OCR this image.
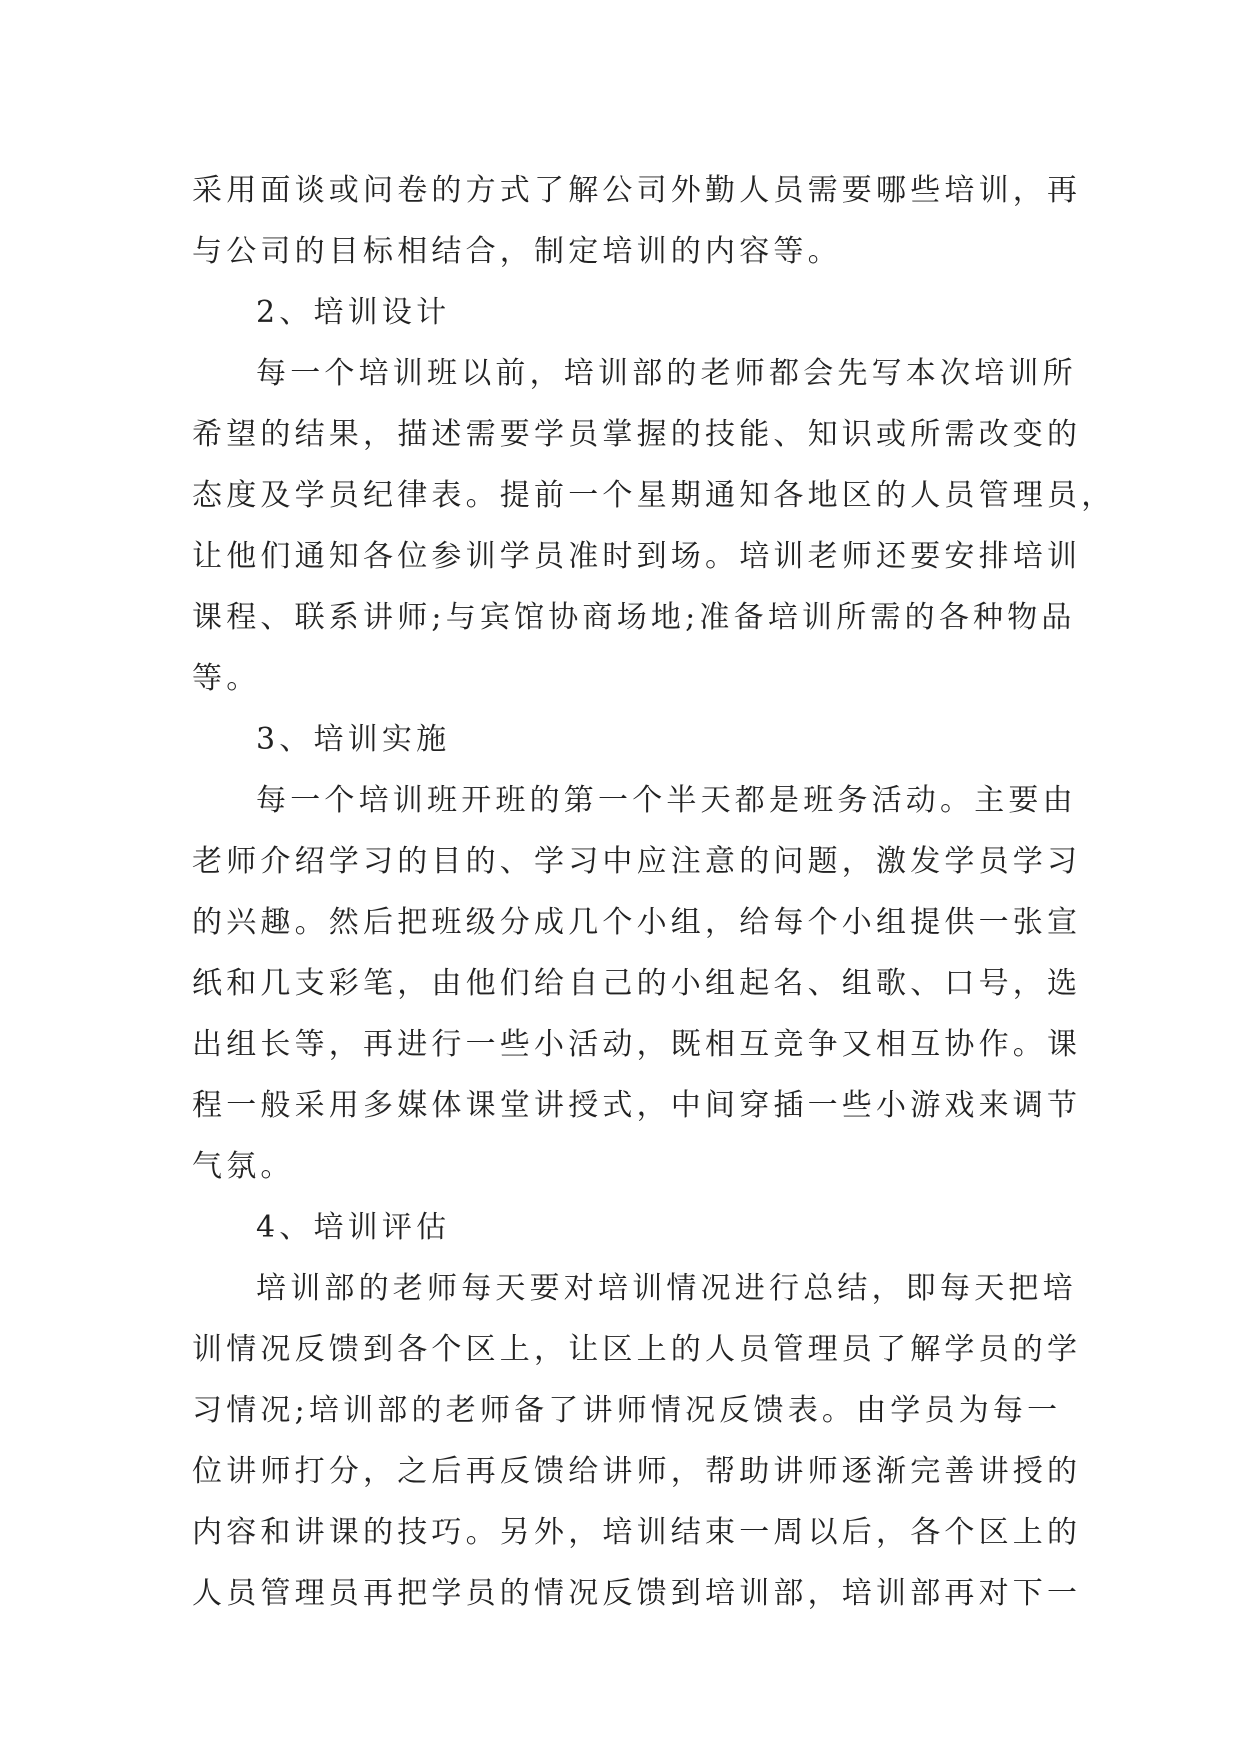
采用面谈或问卷的方式了解公司外勤人员需要哪些培训，再
与公司的目标相结合，制定培训的内容等。
2、培训设计
每一个培训班以前，培训部的老师都会先写本次培训所
希望的结果，描述需要学员掌握的技能、知识或所需改变的
态度及学员纪律表。提前一个星期通知各地区的人员管理员，
让他们通知各位参训学员准时到场。培训老师还要安排培训
课程、联系讲师;与宾馆协商场地;准备培训所需的各种物品
等。
3、培训实施
每一个培训班开班的第一个半天都是班务活动。主要由
老师介绍学习的目的、学习中应注意的问题，激发学员学习
的兴趣。然后把班级分成几个小组，给每个小组提供一张宣
纸和几支彩笔，由他们给自己的小组起名、组歌、口号，选
出组长等，再进行一些小活动，既相互竞争又相互协作。课
程一般采用多媒体课堂讲授式，中间穿插一些小游戏来调节
气氛。
4、培训评估
培训部的老师每天要对培训情况进行总结，即每天把培
训情况反馈到各个区上，让区上的人员管理员了解学员的学
习情况;培训部的老师备了讲师情况反馈表。由学员为每一
位讲师打分，之后再反馈给讲师，帮助讲师逐渐完善讲授的
内容和讲课的技巧。另外，培训结束一周以后，各个区上的
人员管理员再把学员的情况反馈到培训部，培训部再对下一
